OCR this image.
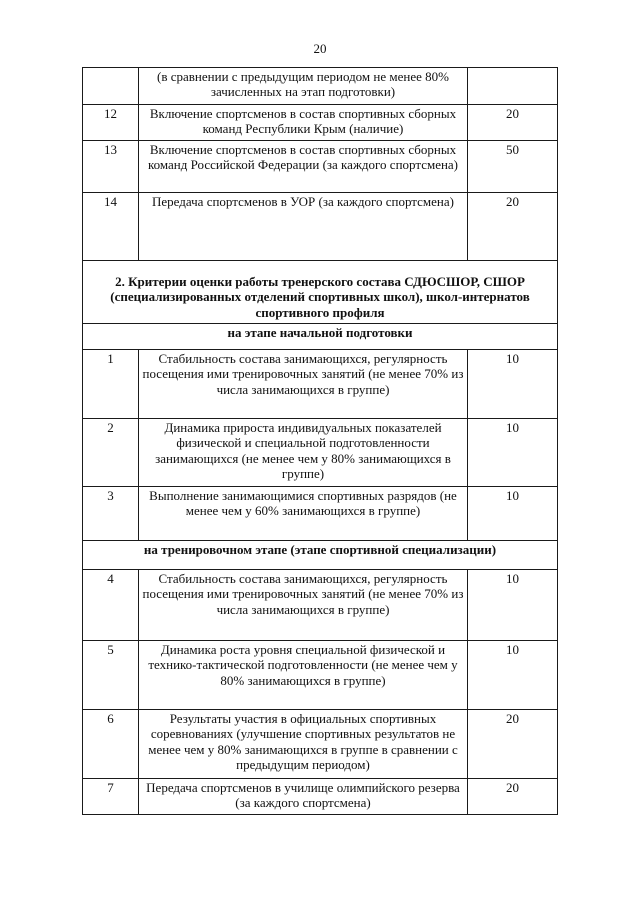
20
	(в сравнении с предыдущим периодом не менее 80% зачисленных на этап подготовки)	
12	Включение спортсменов в состав спортивных сборных команд Республики Крым (наличие)	20
13	Включение спортсменов в состав спортивных сборных команд Российской Федерации (за каждого спортсмена)	50
14	Передача спортсменов в УОР (за каждого спортсмена)	20
2. Критерии оценки работы тренерского состава СДЮСШОР, СШОР (специализированных отделений спортивных школ), школ-интернатов спортивного профиля		
на этапе начальной подготовки		
1	Стабильность состава занимающихся, регулярность посещения ими тренировочных занятий (не менее 70% из числа занимающихся в группе)	10
2	Динамика прироста индивидуальных показателей физической и специальной подготовленности занимающихся (не менее чем у 80% занимающихся в группе)	10
3	Выполнение занимающимися спортивных разрядов (не менее чем у 60% занимающихся в группе)	10
на тренировочном этапе (этапе спортивной специализации)		
4	Стабильность состава занимающихся, регулярность посещения ими тренировочных занятий (не менее 70% из числа занимающихся в группе)	10
5	Динамика роста уровня специальной физической и технико-тактической подготовленности (не менее чем у 80% занимающихся в группе)	10
6	Результаты участия в официальных спортивных соревнованиях (улучшение спортивных результатов не менее чем у 80% занимающихся в группе в сравнении с предыдущим периодом)	20
7	Передача спортсменов в училище олимпийского резерва (за каждого спортсмена)	20
